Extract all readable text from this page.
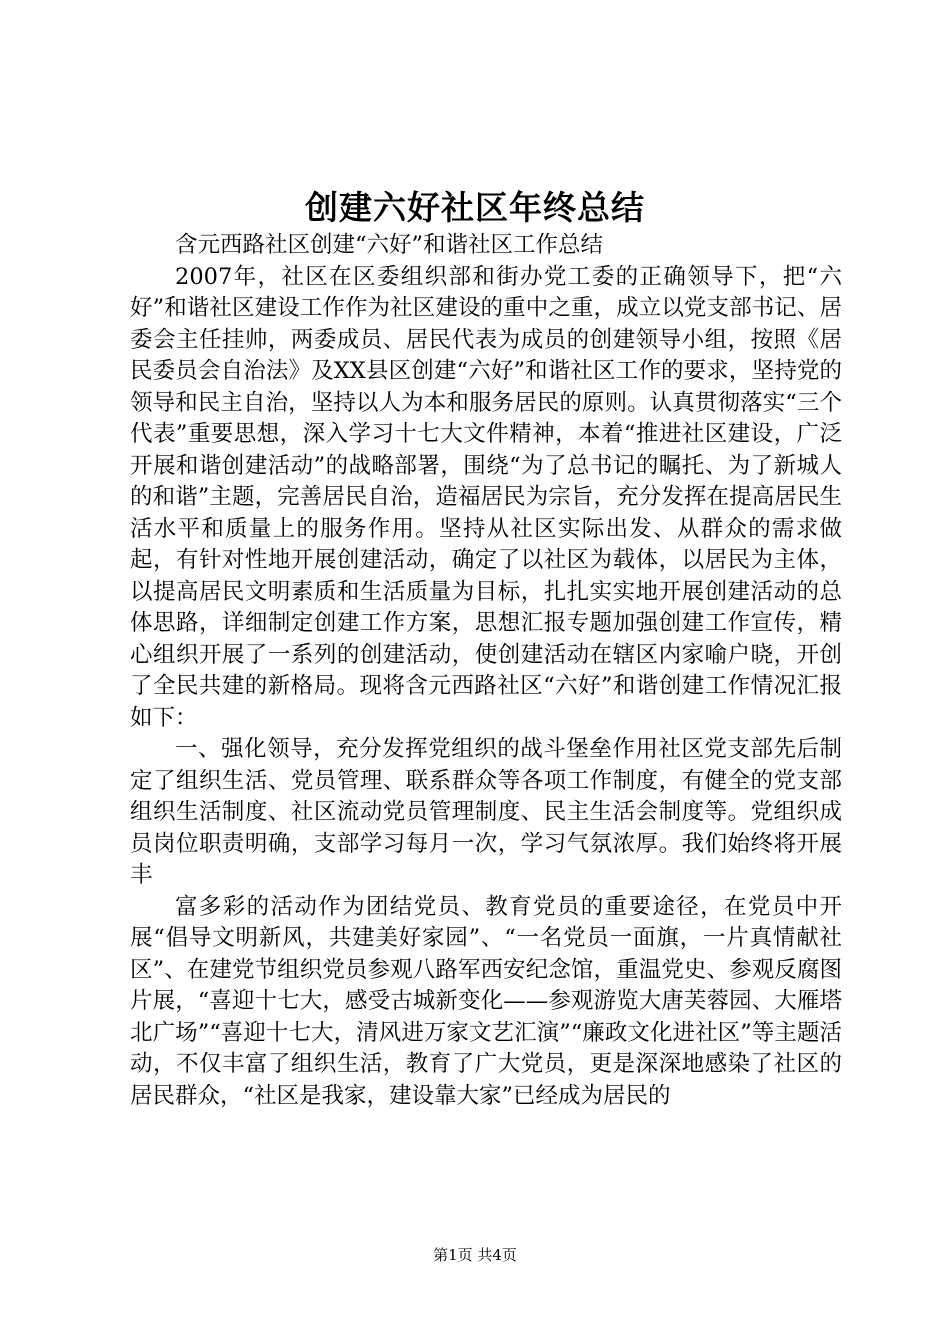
创建六好社区年终总结

含元西路社区创建“六好”和谐社区工作总结

2007年，社区在区委组织部和街办党工委的正确领导下，把“六好”和谐社区建设工作作为社区建设的重中之重，成立以党支部书记、居委会主任挂帅，两委成员、居民代表为成员的创建领导小组，按照《居民委员会自治法》及XX县区创建“六好”和谐社区工作的要求，坚持党的领导和民主自治，坚持以人为本和服务居民的原则。认真贯彻落实“三个代表”重要思想，深入学习十七大文件精神，本着“推进社区建设，广泛开展和谐创建活动”的战略部署，围绕“为了总书记的瞩托、为了新城人的和谐”主题，完善居民自治，造福居民为宗旨，充分发挥在提高居民生活水平和质量上的服务作用。坚持从社区实际出发、从群众的需求做起，有针对性地开展创建活动，确定了以社区为载体，以居民为主体，以提高居民文明素质和生活质量为目标，扎扎实实地开展创建活动的总体思路，详细制定创建工作方案，思想汇报专题加强创建工作宣传，精心组织开展了一系列的创建活动，使创建活动在辖区内家喻户晓，开创了全民共建的新格局。现将含元西路社区“六好”和谐创建工作情况汇报如下：

一、强化领导，充分发挥党组织的战斗堡垒作用社区党支部先后制定了组织生活、党员管理、联系群众等各项工作制度，有健全的党支部组织生活制度、社区流动党员管理制度、民主生活会制度等。党组织成员岗位职责明确，支部学习每月一次，学习气氛浓厚。我们始终将开展丰

富多彩的活动作为团结党员、教育党员的重要途径，在党员中开展“倡导文明新风，共建美好家园”、“一名党员一面旗，一片真情献社区”、在建党节组织党员参观八路军西安纪念馆，重温党史、参观反腐图片展，“喜迎十七大，感受古城新变化——参观游览大唐芙蓉园、大雁塔北广场”“喜迎十七大，清风进万家文艺汇演”“廉政文化进社区”等主题活动，不仅丰富了组织生活，教育了广大党员，更是深深地感染了社区的居民群众，“社区是我家，建设靠大家”已经成为居民的

第1页 共4页
